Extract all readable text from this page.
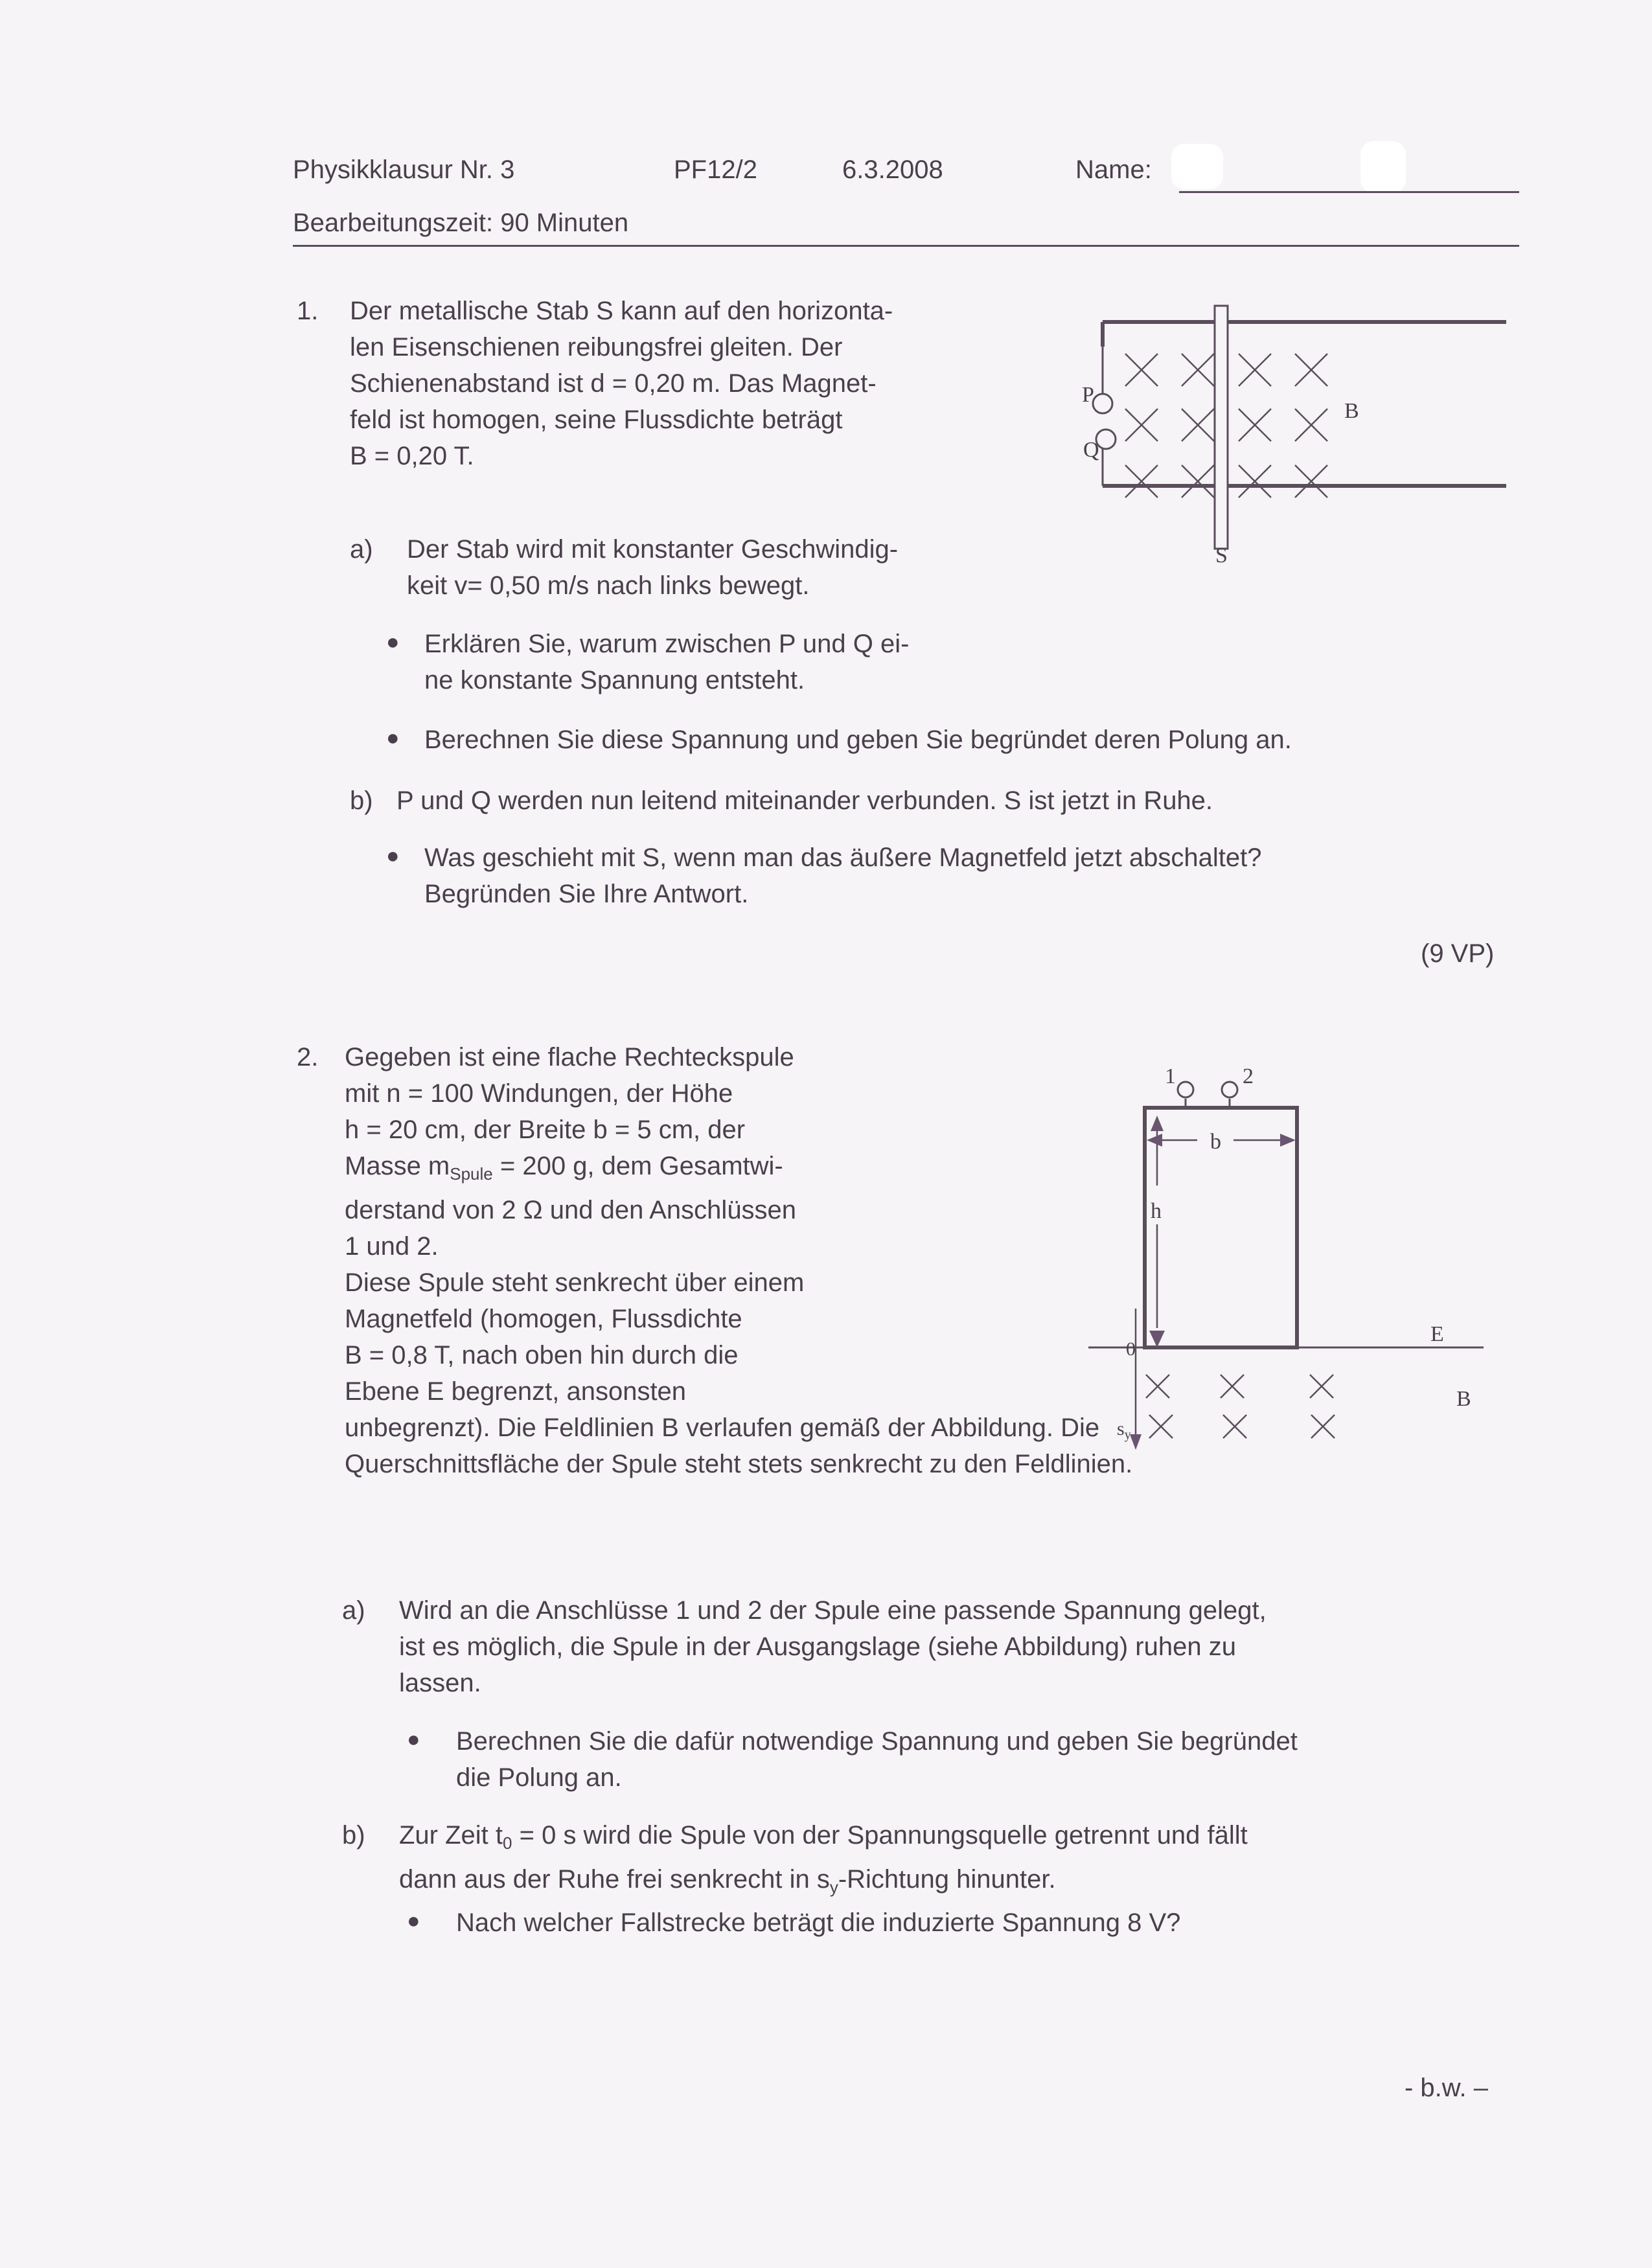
Physikklausur Nr. 3	PF12/2	6.3.2008	Name:
Bearbeitungszeit: 90 Minuten
1. Der metallische Stab S kann auf den horizonta-
len Eisenschienen reibungsfrei gleiten. Der
Schienenabstand ist d = 0,20 m. Das Magnet-
feld ist homogen, seine Flussdichte beträgt
B = 0,20 T.
a) Der Stab wird mit konstanter Geschwindig-
keit v= 0,50 m/s nach links bewegt.
● Erklären Sie, warum zwischen P und Q ei-
ne konstante Spannung entsteht.
● Berechnen Sie diese Spannung und geben Sie begründet deren Polung an.
b) P und Q werden nun leitend miteinander verbunden. S ist jetzt in Ruhe.
● Was geschieht mit S, wenn man das äußere Magnetfeld jetzt abschaltet?
Begründen Sie Ihre Antwort.
(9 VP)
P
Q
B
S
2. Gegeben ist eine flache Rechteckspule
mit n = 100 Windungen, der Höhe
h = 20 cm, der Breite b = 5 cm, der
Masse $m_{Spule} = 200$ g, dem Gesamtwi-
derstand von 2 Ω und den Anschlüssen
1 und 2.
Diese Spule steht senkrecht über einem
Magnetfeld (homogen, Flussdichte
B = 0,8 T, nach oben hin durch die
Ebene E begrenzt, ansonsten
unbegrenzt). Die Feldlinien B verlaufen gemäß der Abbildung. Die
Querschnittsfläche der Spule steht stets senkrecht zu den Feldlinien.
a) Wird an die Anschlüsse 1 und 2 der Spule eine passende Spannung gelegt,
ist es möglich, die Spule in der Ausgangslage (siehe Abbildung) ruhen zu
lassen.
● Berechnen Sie die dafür notwendige Spannung und geben Sie begründet
die Polung an.
b) Zur Zeit $t_0 = 0$ s wird die Spule von der Spannungsquelle getrennt und fällt
dann aus der Ruhe frei senkrecht in $s_y$-Richtung hinunter.
● Nach welcher Fallstrecke beträgt die induzierte Spannung 8 V?
1	2
b
h
E
B
0
$s_y$
- b.w. –
